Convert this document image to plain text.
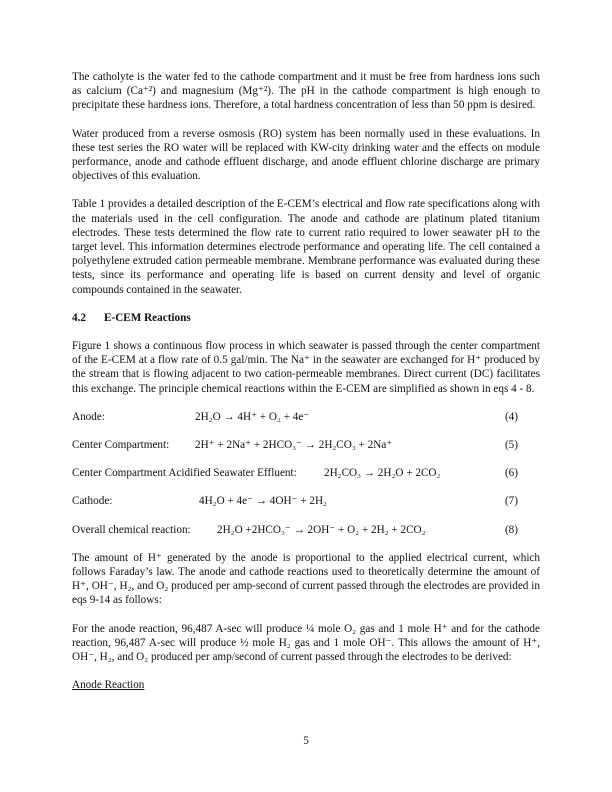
The catholyte is the water fed to the cathode compartment and it must be free from hardness ions such as calcium (Ca⁺²) and magnesium (Mg⁺²). The pH in the cathode compartment is high enough to precipitate these hardness ions. Therefore, a total hardness concentration of less than 50 ppm is desired.

Water produced from a reverse osmosis (RO) system has been normally used in these evaluations. In these test series the RO water will be replaced with KW-city drinking water and the effects on module performance, anode and cathode effluent discharge, and anode effluent chlorine discharge are primary objectives of this evaluation.

Table 1 provides a detailed description of the E-CEM’s electrical and flow rate specifications along with the materials used in the cell configuration. The anode and cathode are platinum plated titanium electrodes. These tests determined the flow rate to current ratio required to lower seawater pH to the target level. This information determines electrode performance and operating life. The cell contained a polyethylene extruded cation permeable membrane. Membrane performance was evaluated during these tests, since its performance and operating life is based on current density and level of organic compounds contained in the seawater.

4.2 E-CEM Reactions

Figure 1 shows a continuous flow process in which seawater is passed through the center compartment of the E-CEM at a flow rate of 0.5 gal/min. The Na⁺ in the seawater are exchanged for H⁺ produced by the stream that is flowing adjacent to two cation-permeable membranes. Direct current (DC) facilitates this exchange. The principle chemical reactions within the E-CEM are simplified as shown in eqs 4 - 8.

Anode:	2H₂O → 4H⁺ + O₂ + 4e⁻	(4)
Center Compartment: 2H⁺ + 2Na⁺ + 2HCO₃⁻ → 2H₂CO₃ + 2Na⁺	(5)
Center Compartment Acidified Seawater Effluent: 2H₂CO₃ → 2H₂O + 2CO₂	(6)
Cathode:	4H₂O + 4e⁻ → 4OH⁻ + 2H₂	(7)
Overall chemical reaction: 2H₂O +2HCO₃⁻ → 2OH⁻ + O₂ + 2H₂ + 2CO₂	(8)

The amount of H⁺ generated by the anode is proportional to the applied electrical current, which follows Faraday’s law. The anode and cathode reactions used to theoretically determine the amount of H⁺, OH⁻, H₂, and O₂ produced per amp-second of current passed through the electrodes are provided in eqs 9-14 as follows:

For the anode reaction, 96,487 A-sec will produce ¼ mole O₂ gas and 1 mole H⁺ and for the cathode reaction, 96,487 A-sec will produce ½ mole H₂ gas and 1 mole OH⁻. This allows the amount of H⁺, OH⁻, H₂, and O₂ produced per amp/second of current passed through the electrodes to be derived:

Anode Reaction

5
